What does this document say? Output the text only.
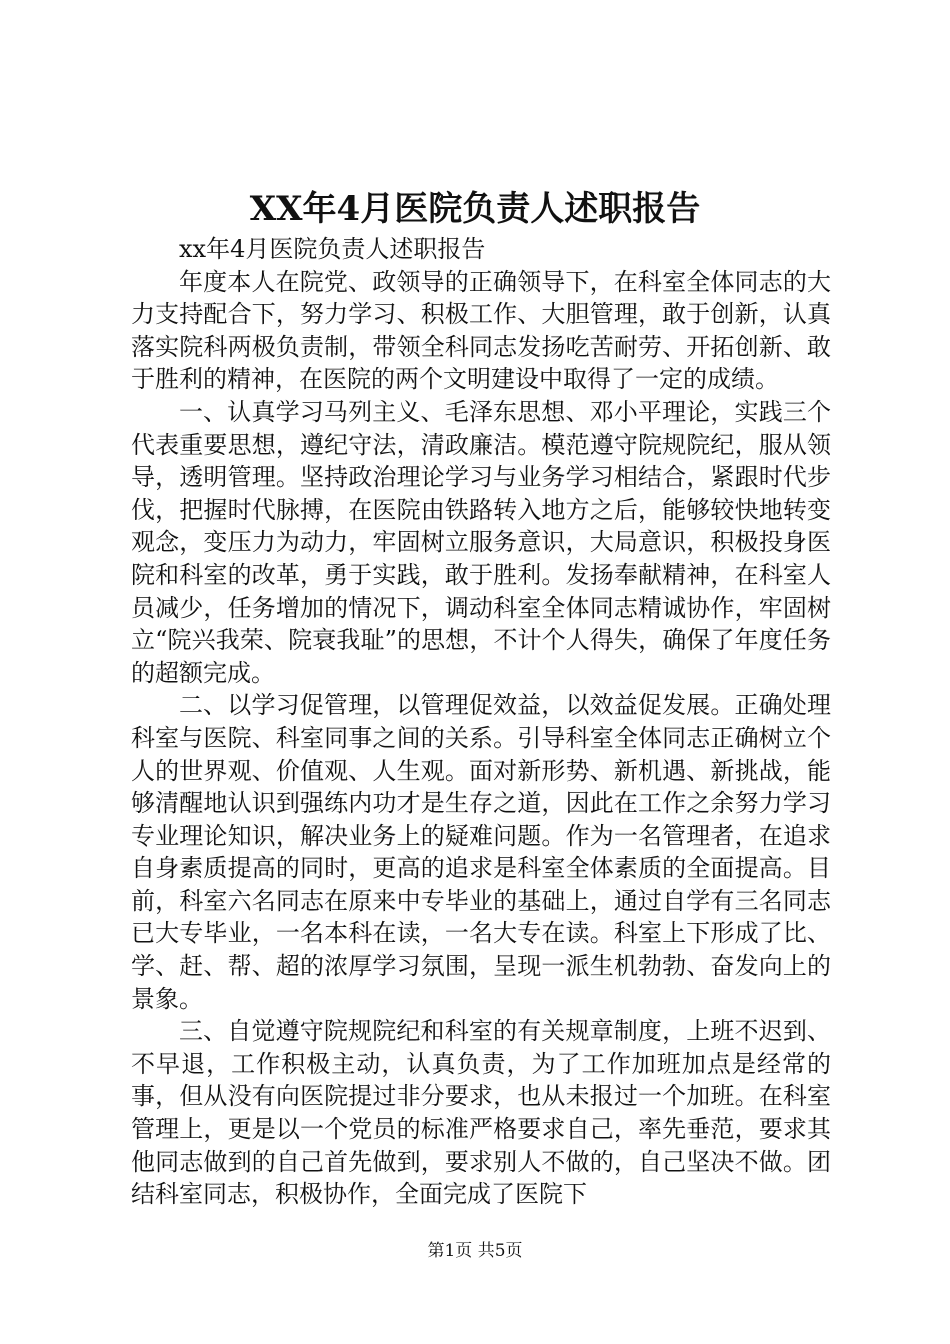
XX年4月医院负责人述职报告

xx年4月医院负责人述职报告

年度本人在院党、政领导的正确领导下，在科室全体同志的大力支持配合下，努力学习、积极工作、大胆管理，敢于创新，认真落实院科两极负责制，带领全科同志发扬吃苦耐劳、开拓创新、敢于胜利的精神，在医院的两个文明建设中取得了一定的成绩。

一、认真学习马列主义、毛泽东思想、邓小平理论，实践三个代表重要思想，遵纪守法，清政廉洁。模范遵守院规院纪，服从领导，透明管理。坚持政治理论学习与业务学习相结合，紧跟时代步伐，把握时代脉搏，在医院由铁路转入地方之后，能够较快地转变观念，变压力为动力，牢固树立服务意识，大局意识，积极投身医院和科室的改革，勇于实践，敢于胜利。发扬奉献精神，在科室人员减少，任务增加的情况下，调动科室全体同志精诚协作，牢固树立“院兴我荣、院衰我耻”的思想，不计个人得失，确保了年度任务的超额完成。

二、以学习促管理，以管理促效益，以效益促发展。正确处理科室与医院、科室同事之间的关系。引导科室全体同志正确树立个人的世界观、价值观、人生观。面对新形势、新机遇、新挑战，能够清醒地认识到强练内功才是生存之道，因此在工作之余努力学习专业理论知识，解决业务上的疑难问题。作为一名管理者，在追求自身素质提高的同时，更高的追求是科室全体素质的全面提高。目前，科室六名同志在原来中专毕业的基础上，通过自学有三名同志已大专毕业，一名本科在读，一名大专在读。科室上下形成了比、学、赶、帮、超的浓厚学习氛围，呈现一派生机勃勃、奋发向上的景象。

三、自觉遵守院规院纪和科室的有关规章制度，上班不迟到、不早退，工作积极主动，认真负责，为了工作加班加点是经常的事，但从没有向医院提过非分要求，也从未报过一个加班。在科室管理上，更是以一个党员的标准严格要求自己，率先垂范，要求其他同志做到的自己首先做到，要求别人不做的，自己坚决不做。团结科室同志，积极协作，全面完成了医院下

第1页 共5页
